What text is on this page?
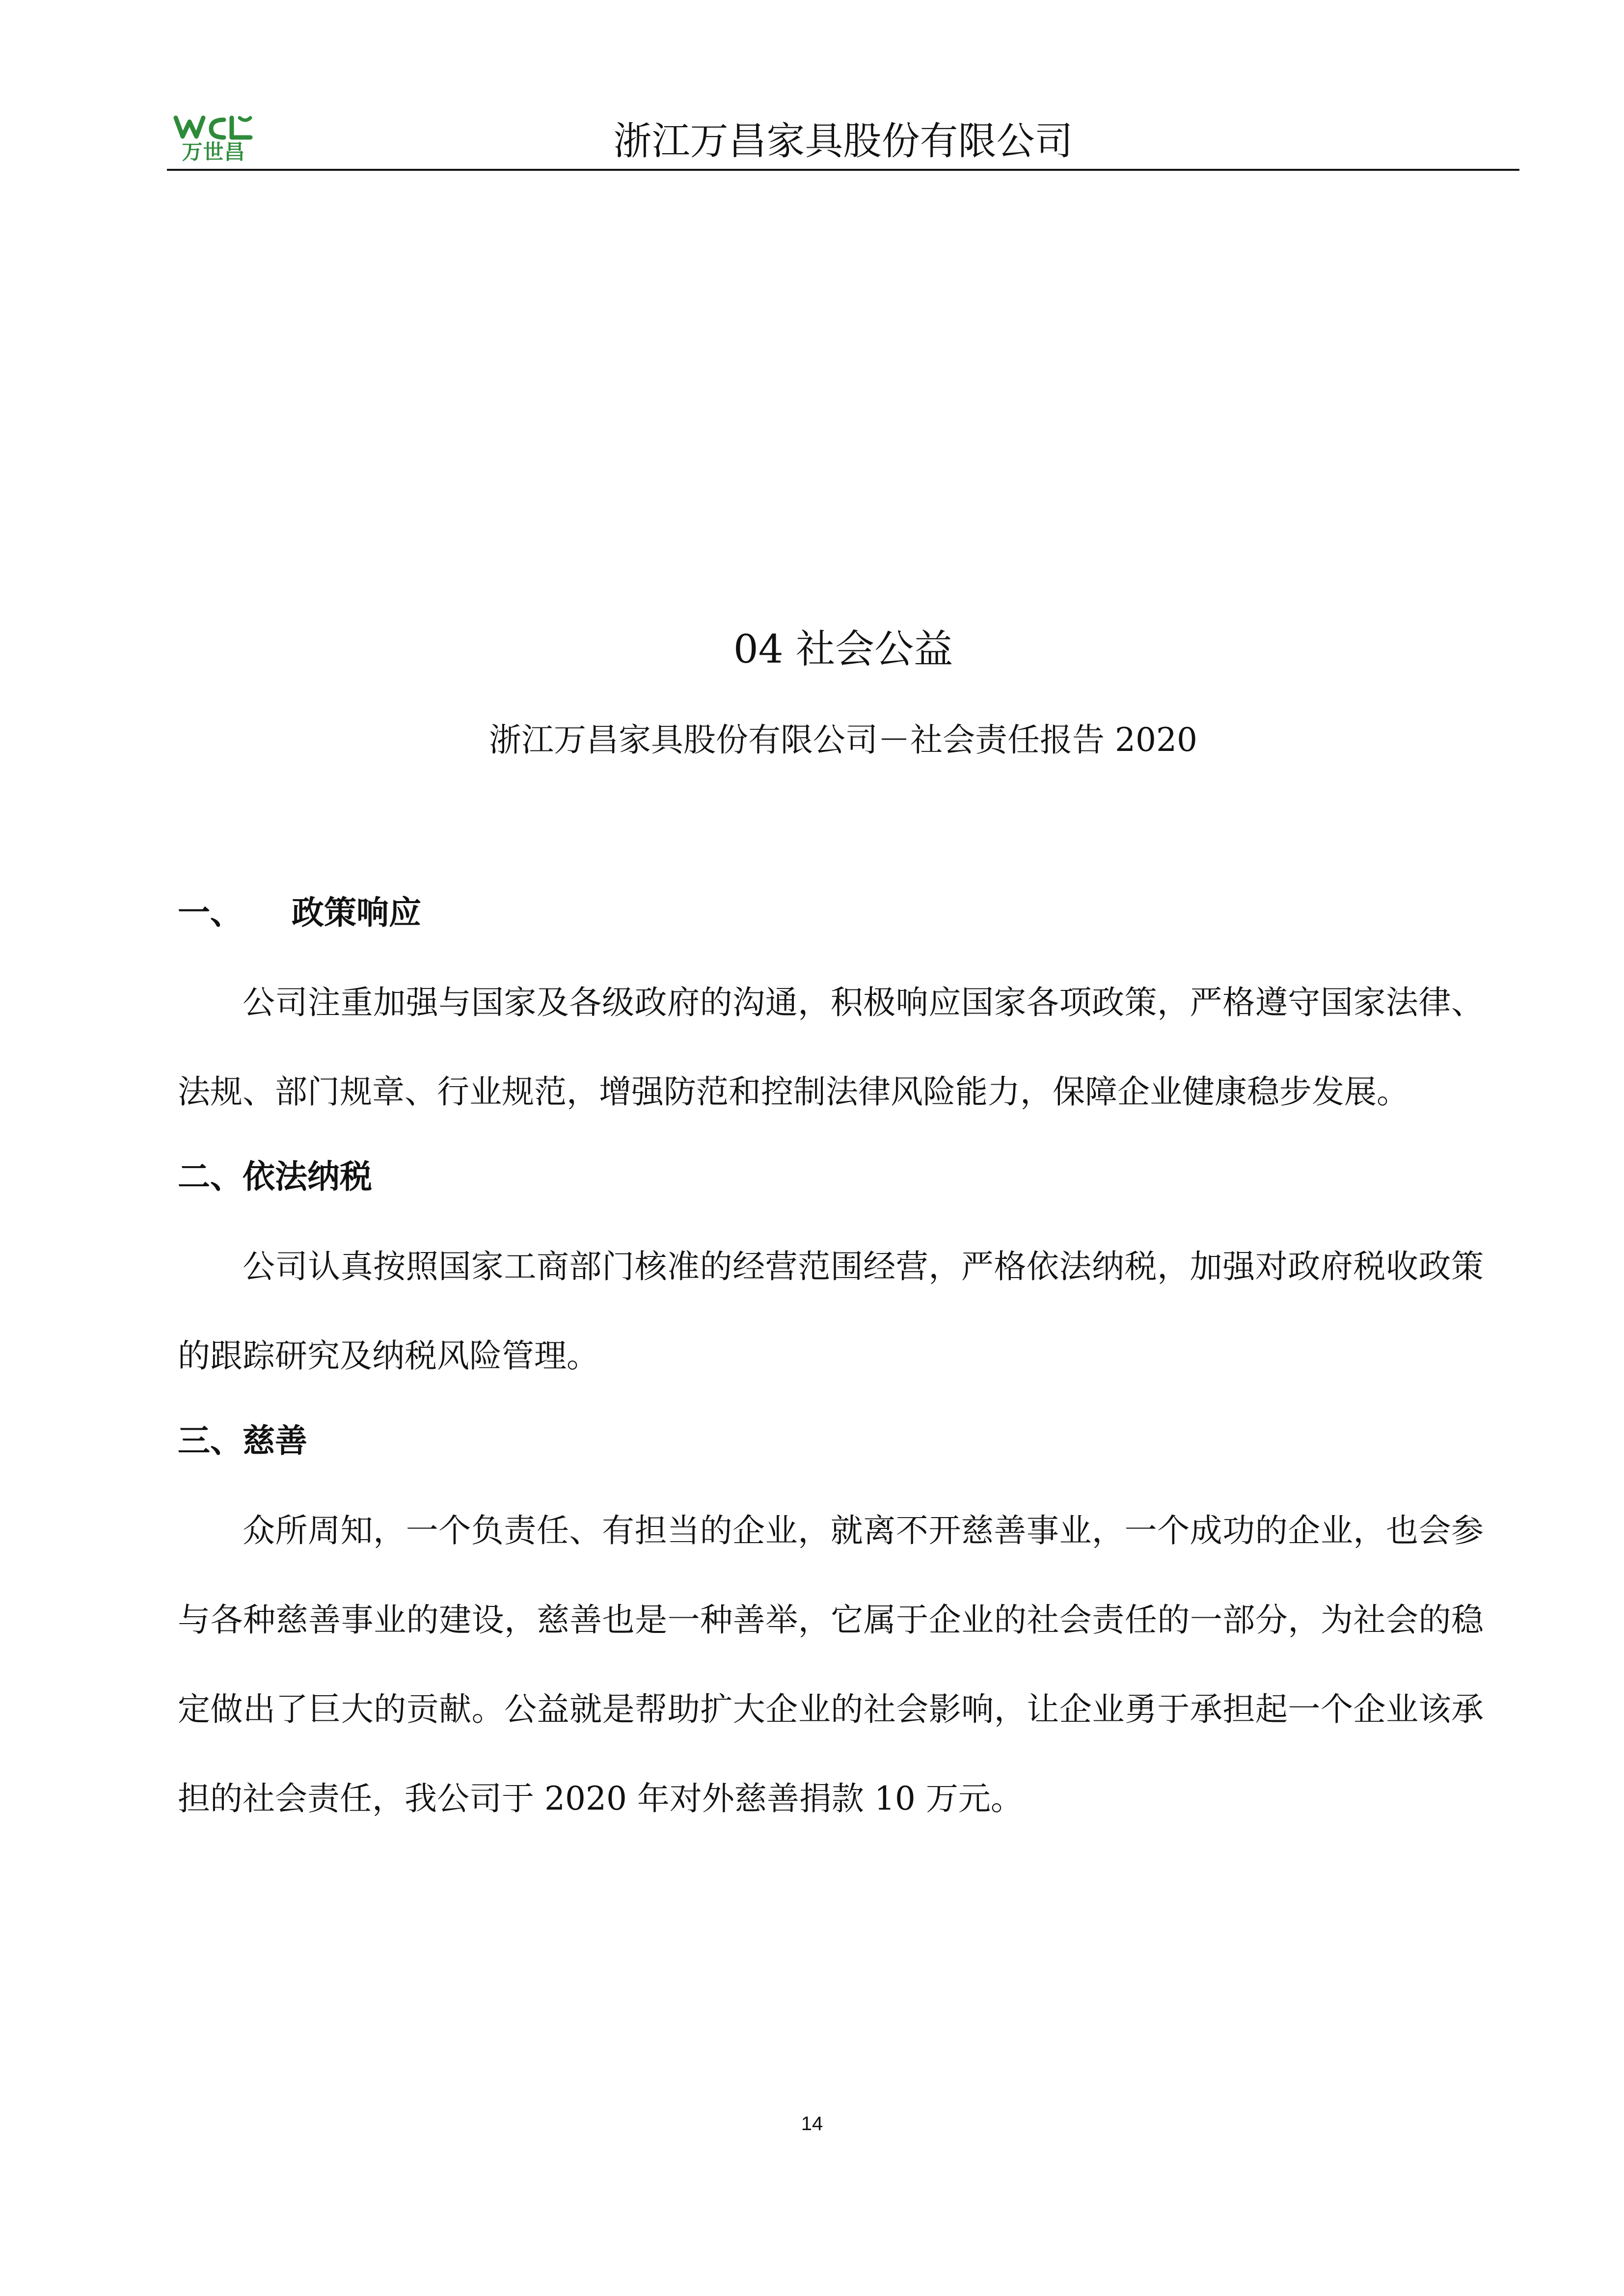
万世昌	浙江万昌家具股份有限公司
04 社会公益
浙江万昌家具股份有限公司－社会责任报告 2020
一、 政策响应

公司注重加强与国家及各级政府的沟通，积极响应国家各项政策，严格遵守国家法律、法规、部门规章、行业规范，增强防范和控制法律风险能力，保障企业健康稳步发展。

二、依法纳税

公司认真按照国家工商部门核准的经营范围经营，严格依法纳税，加强对政府税收政策的跟踪研究及纳税风险管理。

三、慈善

众所周知，一个负责任、有担当的企业，就离不开慈善事业，一个成功的企业，也会参与各种慈善事业的建设，慈善也是一种善举，它属于企业的社会责任的一部分，为社会的稳定做出了巨大的贡献。公益就是帮助扩大企业的社会影响，让企业勇于承担起一个企业该承担的社会责任，我公司于 2020 年对外慈善捐款 10 万元。

14
